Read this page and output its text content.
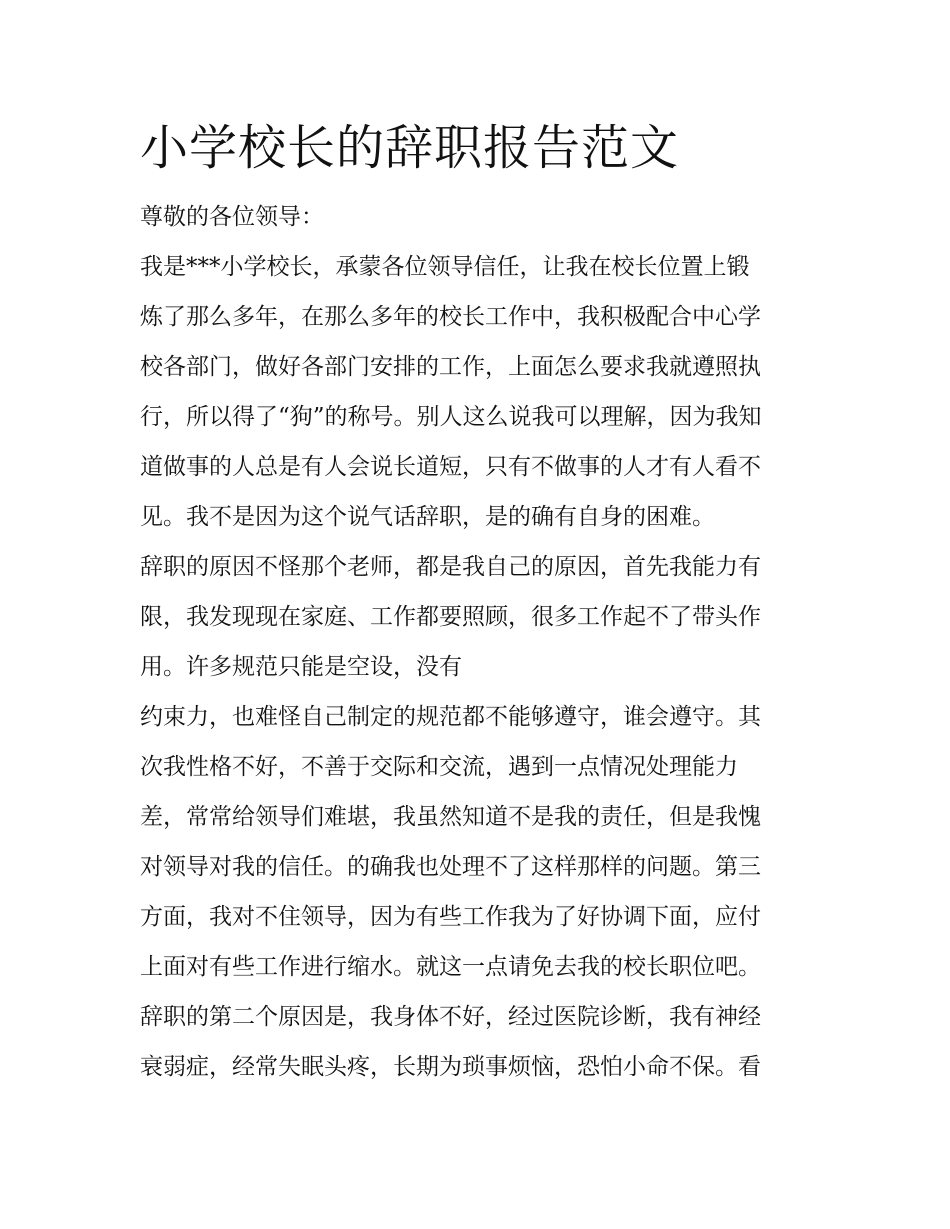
小学校长的辞职报告范文

尊敬的各位领导：

我是***小学校长，承蒙各位领导信任，让我在校长位置上锻
炼了那么多年，在那么多年的校长工作中，我积极配合中心学
校各部门，做好各部门安排的工作，上面怎么要求我就遵照执
行，所以得了“狗”的称号。别人这么说我可以理解，因为我知
道做事的人总是有人会说长道短，只有不做事的人才有人看不
见。我不是因为这个说气话辞职，是的确有自身的困难。
辞职的原因不怪那个老师，都是我自己的原因，首先我能力有
限，我发现现在家庭、工作都要照顾，很多工作起不了带头作
用。许多规范只能是空设，没有
约束力，也难怪自己制定的规范都不能够遵守，谁会遵守。其
次我性格不好，不善于交际和交流，遇到一点情况处理能力
差，常常给领导们难堪，我虽然知道不是我的责任，但是我愧
对领导对我的信任。的确我也处理不了这样那样的问题。第三
方面，我对不住领导，因为有些工作我为了好协调下面，应付
上面对有些工作进行缩水。就这一点请免去我的校长职位吧。
辞职的第二个原因是，我身体不好，经过医院诊断，我有神经
衰弱症，经常失眠头疼，长期为琐事烦恼，恐怕小命不保。看
